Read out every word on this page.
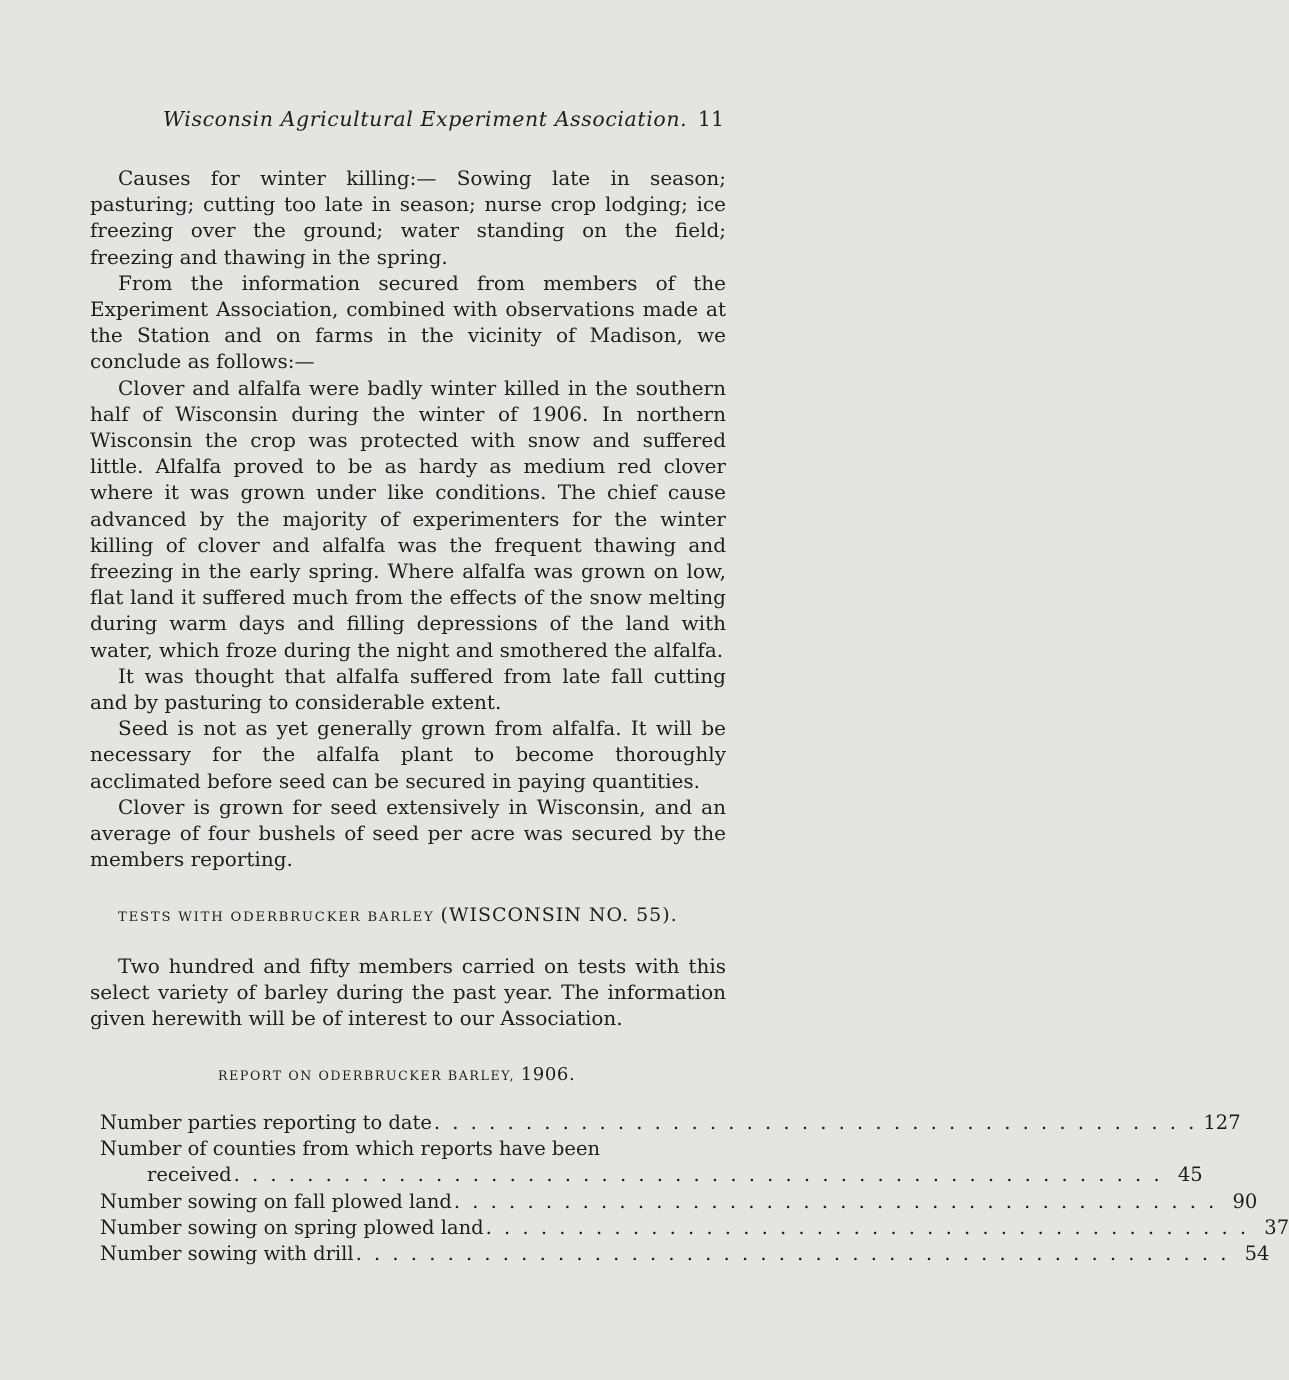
Wisconsin Agricultural Experiment Association. 11

Causes for winter killing:— Sowing late in season; pasturing; cutting too late in season; nurse crop lodging; ice freezing over the ground; water standing on the field; freezing and thawing in the spring.

From the information secured from members of the Experiment Association, combined with observations made at the Station and on farms in the vicinity of Madison, we conclude as follows:—

Clover and alfalfa were badly winter killed in the southern half of Wisconsin during the winter of 1906. In northern Wisconsin the crop was protected with snow and suffered little. Alfalfa proved to be as hardy as medium red clover where it was grown under like conditions. The chief cause advanced by the majority of experimenters for the winter killing of clover and alfalfa was the frequent thawing and freezing in the early spring. Where alfalfa was grown on low, flat land it suffered much from the effects of the snow melting during warm days and filling depressions of the land with water, which froze during the night and smothered the alfalfa.

It was thought that alfalfa suffered from late fall cutting and by pasturing to considerable extent.

Seed is not as yet generally grown from alfalfa. It will be necessary for the alfalfa plant to become thoroughly acclimated before seed can be secured in paying quantities.

Clover is grown for seed extensively in Wisconsin, and an average of four bushels of seed per acre was secured by the members reporting.

TESTS WITH ODERBRUCKER BARLEY (WISCONSIN NO. 55).

Two hundred and fifty members carried on tests with this select variety of barley during the past year. The information given herewith will be of interest to our Association.

REPORT ON ODERBRUCKER BARLEY, 1906.
Number parties reporting to date . . . . . . . . . . . . . . . . . . . . . . . . . . . . . . . . . . . . . . . . . . 127
Number of counties from which reports have been
received . . . . . . . . . . . . . . . . . . . . . . . . . . . . . . . . . . . . . . . . . . . . . . . . . . . 45
Number sowing on fall plowed land . . . . . . . . . . . . . . . . . . . . . . . . . . . . . . . . . . . . . . . . . . 90
Number sowing on spring plowed land . . . . . . . . . . . . . . . . . . . . . . . . . . . . . . . . . . . . . . . . . . 37
Number sowing with drill . . . . . . . . . . . . . . . . . . . . . . . . . . . . . . . . . . . . . . . . . . . . . . . . 54
